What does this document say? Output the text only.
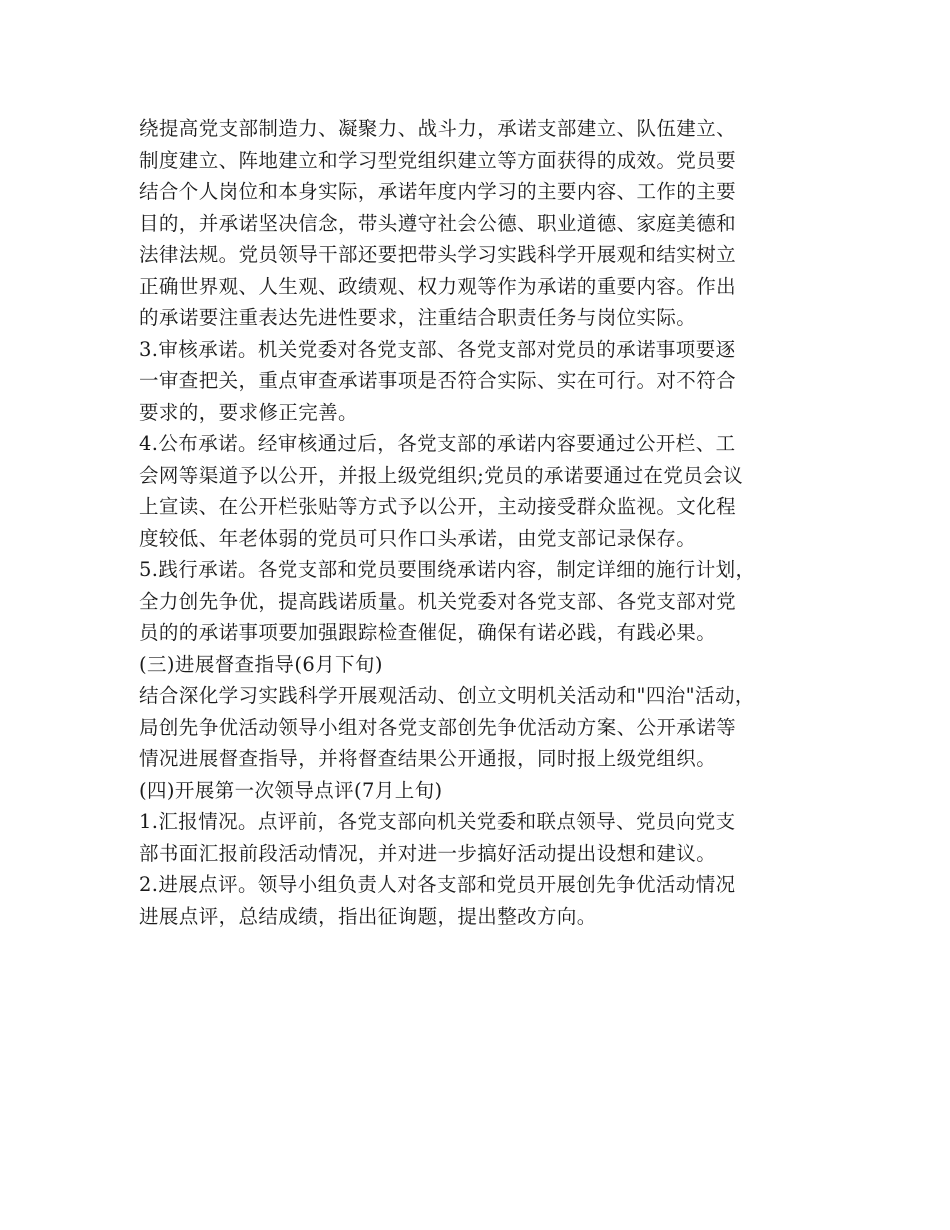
绕提高党支部制造力、凝聚力、战斗力，承诺支部建立、队伍建立、
制度建立、阵地建立和学习型党组织建立等方面获得的成效。党员要
结合个人岗位和本身实际，承诺年度内学习的主要内容、工作的主要
目的，并承诺坚决信念，带头遵守社会公德、职业道德、家庭美德和
法律法规。党员领导干部还要把带头学习实践科学开展观和结实树立
正确世界观、人生观、政绩观、权力观等作为承诺的重要内容。作出
的承诺要注重表达先进性要求，注重结合职责任务与岗位实际。
3.审核承诺。机关党委对各党支部、各党支部对党员的承诺事项要逐
一审查把关，重点审查承诺事项是否符合实际、实在可行。对不符合
要求的，要求修正完善。
4.公布承诺。经审核通过后，各党支部的承诺内容要通过公开栏、工
会网等渠道予以公开，并报上级党组织;党员的承诺要通过在党员会议
上宣读、在公开栏张贴等方式予以公开，主动接受群众监视。文化程
度较低、年老体弱的党员可只作口头承诺，由党支部记录保存。
5.践行承诺。各党支部和党员要围绕承诺内容，制定详细的施行计划，
全力创先争优，提高践诺质量。机关党委对各党支部、各党支部对党
员的的承诺事项要加强跟踪检查催促，确保有诺必践，有践必果。
(三)进展督查指导(6月下旬)
结合深化学习实践科学开展观活动、创立文明机关活动和"四治"活动，
局创先争优活动领导小组对各党支部创先争优活动方案、公开承诺等
情况进展督查指导，并将督查结果公开通报，同时报上级党组织。
(四)开展第一次领导点评(7月上旬)
1.汇报情况。点评前，各党支部向机关党委和联点领导、党员向党支
部书面汇报前段活动情况，并对进一步搞好活动提出设想和建议。
2.进展点评。领导小组负责人对各支部和党员开展创先争优活动情况
进展点评，总结成绩，指出征询题，提出整改方向。
